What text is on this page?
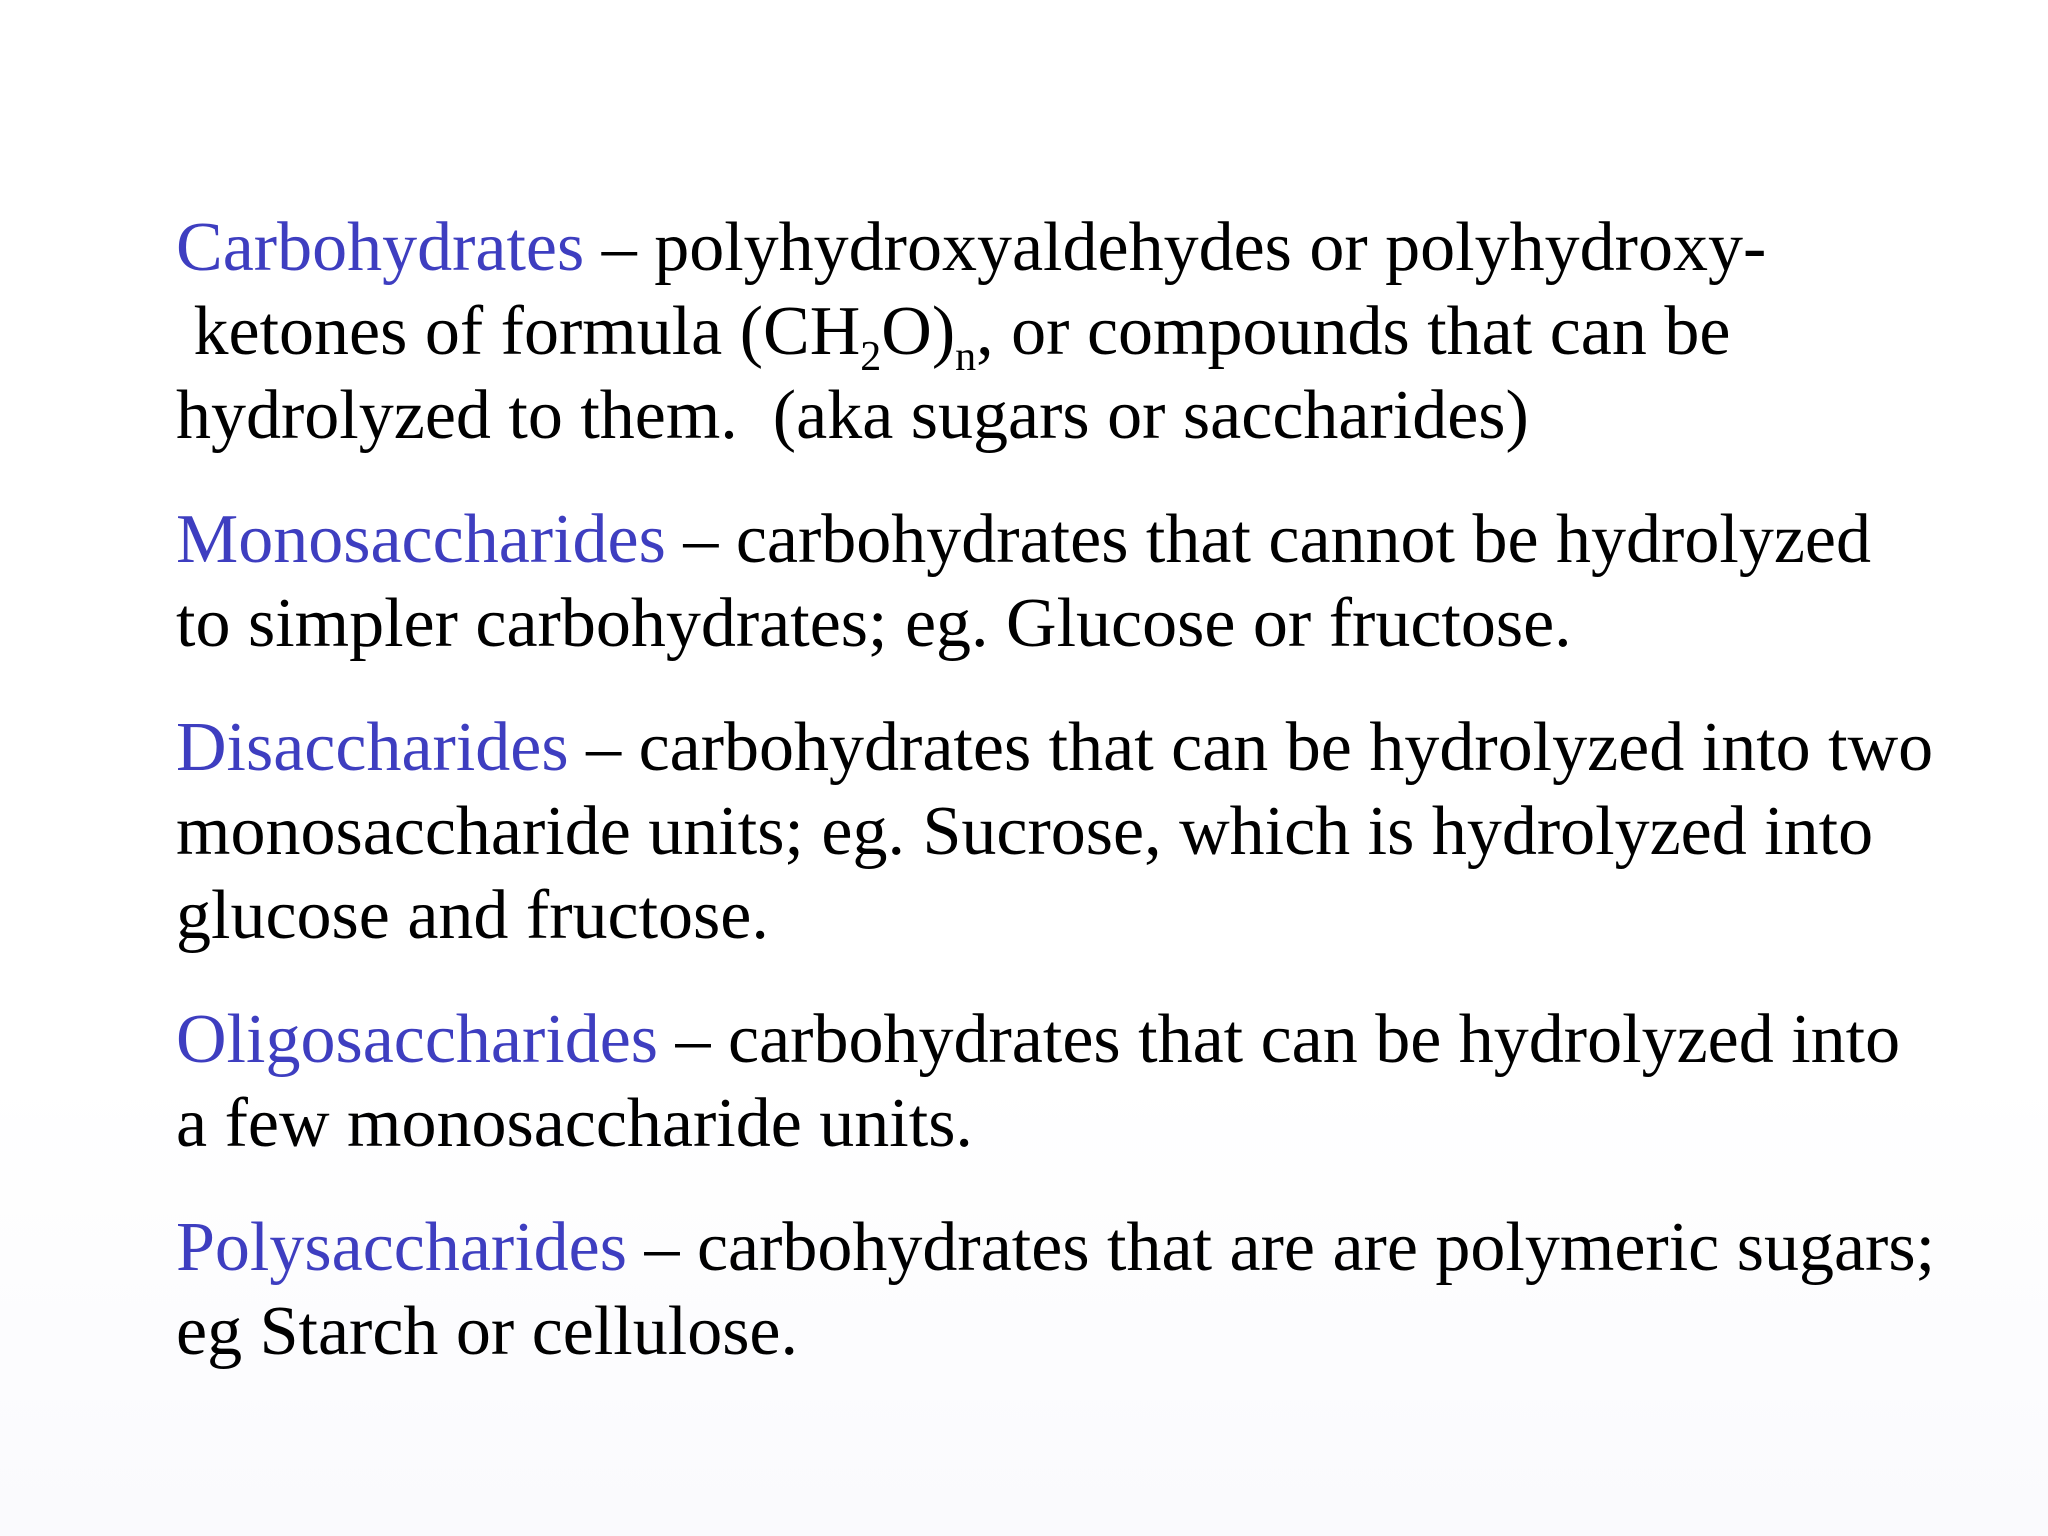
Carbohydrates – polyhydroxyaldehydes or polyhydroxy- ketones of formula $(CH_2O)_n$, or compounds that can be hydrolyzed to them.  (aka sugars or saccharides)

Monosaccharides – carbohydrates that cannot be hydrolyzed to simpler carbohydrates; eg. Glucose or fructose.

Disaccharides – carbohydrates that can be hydrolyzed into two monosaccharide units; eg. Sucrose, which is hydrolyzed into glucose and fructose.

Oligosaccharides – carbohydrates that can be hydrolyzed into a few monosaccharide units.

Polysaccharides – carbohydrates that are are polymeric sugars; eg Starch or cellulose.
